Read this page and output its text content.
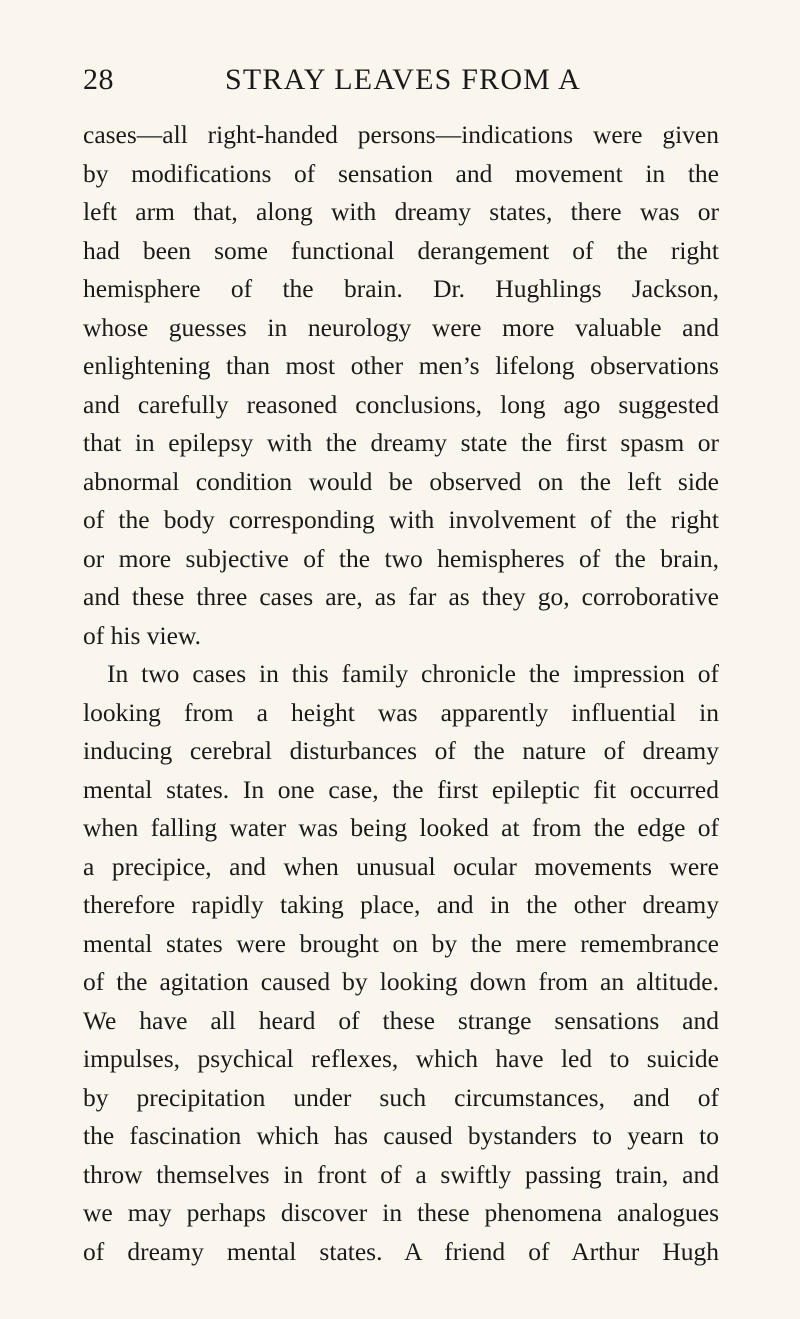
28	STRAY LEAVES FROM A
cases—all right-handed persons—indications were given
by modifications of sensation and movement in the
left arm that, along with dreamy states, there was or
had been some functional derangement of the right
hemisphere of the brain. Dr. Hughlings Jackson,
whose guesses in neurology were more valuable and
enlightening than most other men’s lifelong observations
and carefully reasoned conclusions, long ago suggested
that in epilepsy with the dreamy state the first spasm or
abnormal condition would be observed on the left side
of the body corresponding with involvement of the right
or more subjective of the two hemispheres of the brain,
and these three cases are, as far as they go, corroborative
of his view.
In two cases in this family chronicle the impression of
looking from a height was apparently influential in
inducing cerebral disturbances of the nature of dreamy
mental states. In one case, the first epileptic fit occurred
when falling water was being looked at from the edge of
a precipice, and when unusual ocular movements were
therefore rapidly taking place, and in the other dreamy
mental states were brought on by the mere remembrance
of the agitation caused by looking down from an altitude.
We have all heard of these strange sensations and
impulses, psychical reflexes, which have led to suicide
by precipitation under such circumstances, and of
the fascination which has caused bystanders to yearn to
throw themselves in front of a swiftly passing train, and
we may perhaps discover in these phenomena analogues
of dreamy mental states. A friend of Arthur Hugh
